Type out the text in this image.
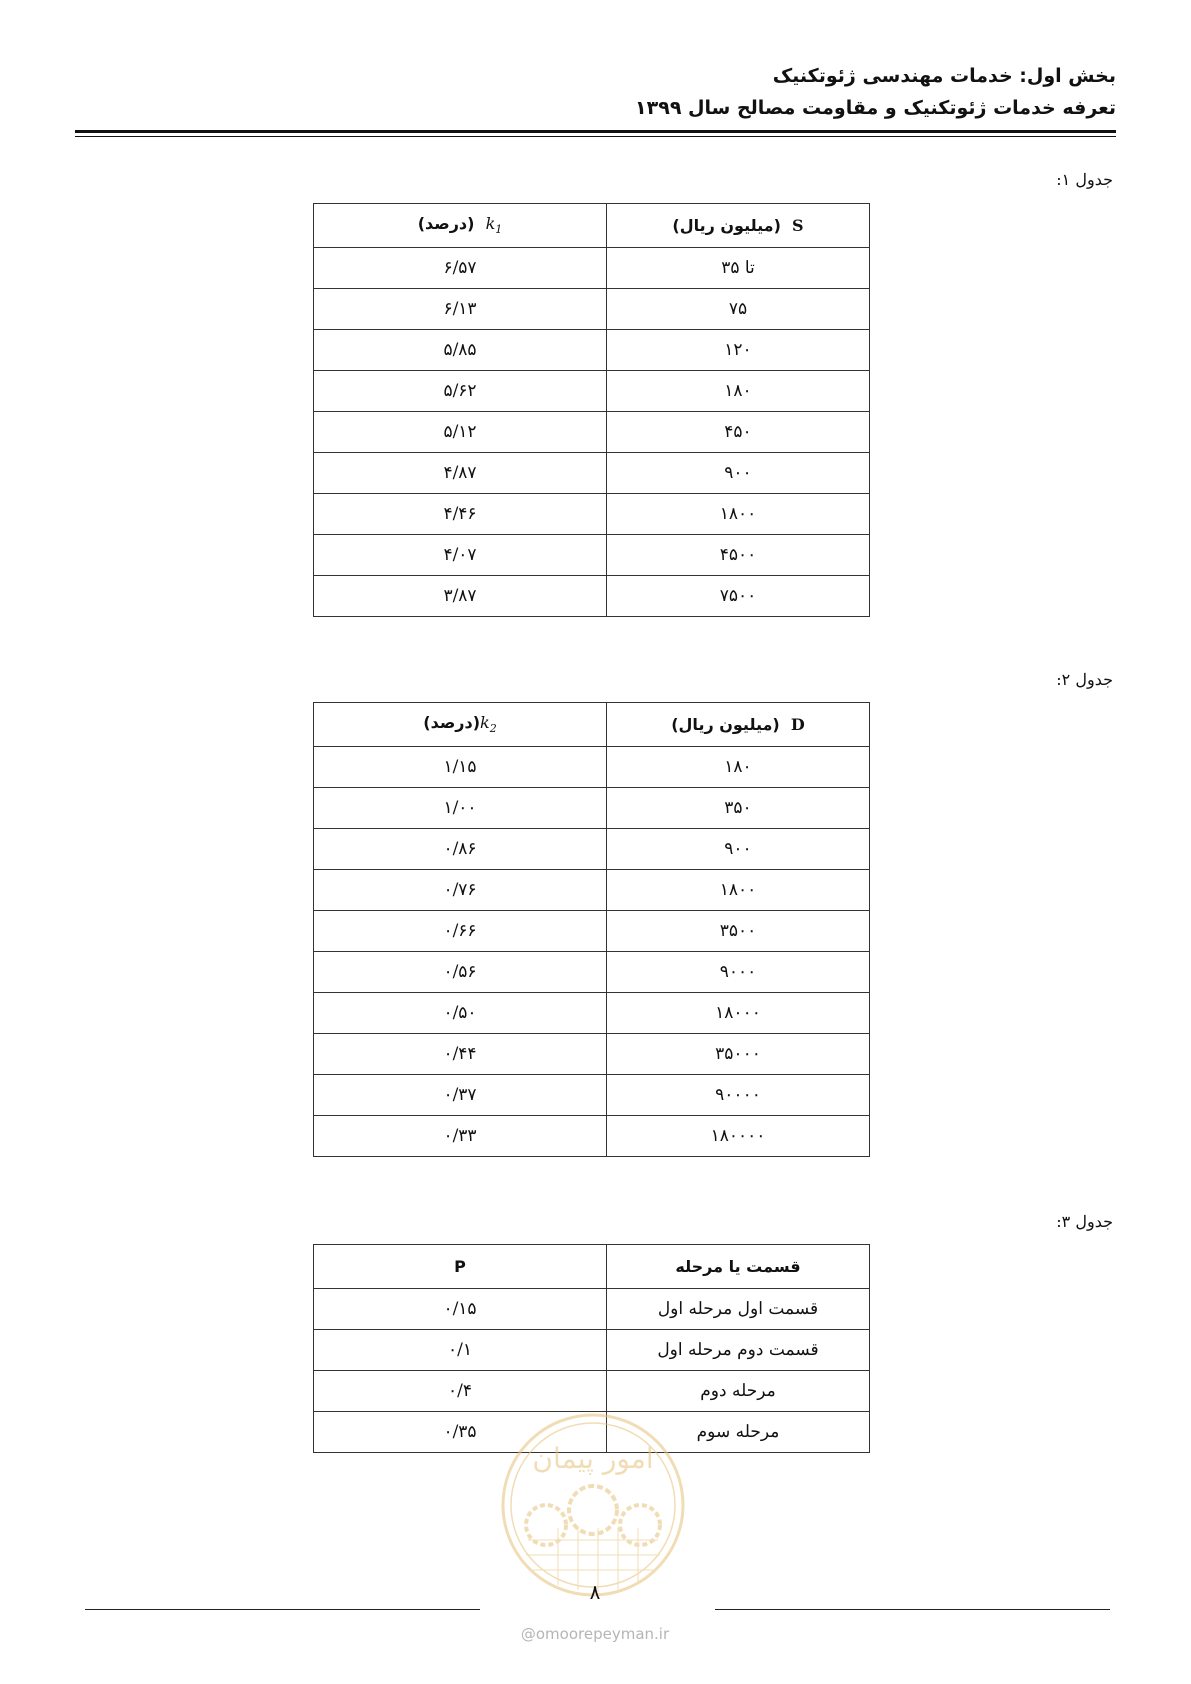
بخش اول: خدمات مهندسی ژئوتکنیک
تعرفه خدمات ژئوتکنیک و مقاومت مصالح سال ۱۳۹۹
جدول ۱:
S  (میلیون ریال)	$k_1$  (درصد)
تا ۳۵	۶/۵۷
۷۵	۶/۱۳
۱۲۰	۵/۸۵
۱۸۰	۵/۶۲
۴۵۰	۵/۱۲
۹۰۰	۴/۸۷
۱۸۰۰	۴/۴۶
۴۵۰۰	۴/۰۷
۷۵۰۰	۳/۸۷
جدول ۲:
D  (میلیون ریال)	$k_2(درصد)$
۱۸۰	۱/۱۵
۳۵۰	۱/۰۰
۹۰۰	۰/۸۶
۱۸۰۰	۰/۷۶
۳۵۰۰	۰/۶۶
۹۰۰۰	۰/۵۶
۱۸۰۰۰	۰/۵۰
۳۵۰۰۰	۰/۴۴
۹۰۰۰۰	۰/۳۷
۱۸۰۰۰۰	۰/۳۳
جدول ۳:
قسمت یا مرحله	P
قسمت اول مرحله اول	۰/۱۵
قسمت دوم مرحله اول	۰/۱
مرحله دوم	۰/۴
مرحله سوم	۰/۳۵
امور پیمان
۸
@omoorepeyman.ir
